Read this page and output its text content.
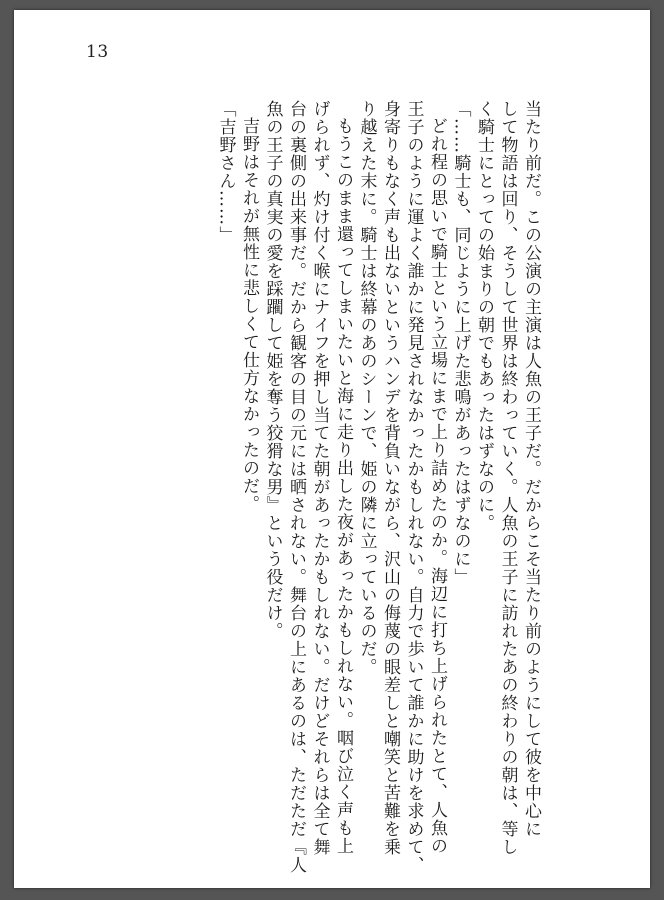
13

当たり前だ。この公演の主演は人魚の王子だ。だからこそ当たり前のようにして彼を中心に

して物語は回り、そうして世界は終わっていく。人魚の王子に訪れたあの終わりの朝は、等し

く騎士にとっての始まりの朝でもあったはずなのに。

「……騎士も、同じように上げた悲鳴があったはずなのに」

どれ程の思いで騎士という立場にまで上り詰めたのか。海辺に打ち上げられたとて、人魚の

王子のように運よく誰かに発見されなかったかもしれない。自力で歩いて誰かに助けを求めて、

身寄りもなく声も出ないというハンデを背負いながら、沢山の侮蔑の眼差しと嘲笑と苦難を乗

り越えた末に。騎士は終幕のあのシーンで、姫の隣に立っているのだ。

もうこのまま還ってしまいたいと海に走り出した夜があったかもしれない。咽び泣く声も上

げられず、灼け付く喉にナイフを押し当てた朝があったかもしれない。だけどそれらは全て舞

台の裏側の出来事だ。だから観客の目の元には晒されない。舞台の上にあるのは、ただただ『人

魚の王子の真実の愛を踩躙して姫を奪う狡猾な男』という役だけ。

吉野はそれが無性に悲しくて仕方なかったのだ。

「吉野さん……」
